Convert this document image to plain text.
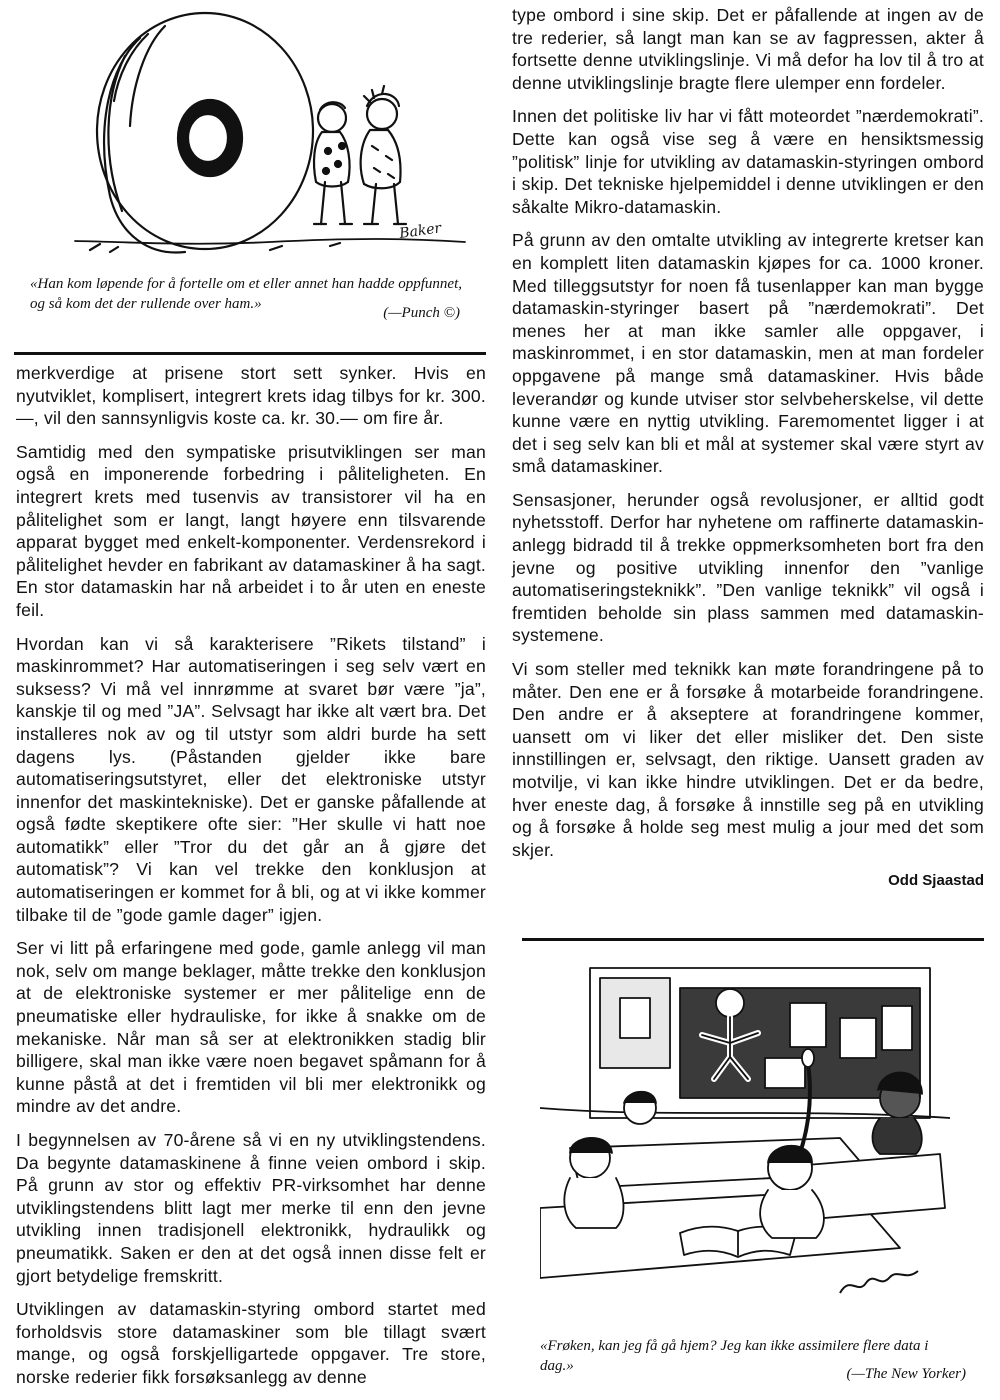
Baker
«Han kom løpende for å fortelle om et eller annet han hadde oppfunnet, og så kom det der rullende over ham.»
(—Punch ©)

merkverdige at prisene stort sett synker. Hvis en nyutviklet, komplisert, integrert krets idag tilbys for kr. 300.—, vil den sannsynligvis koste ca. kr. 30.— om fire år.

Samtidig med den sympatiske prisutviklingen ser man også en imponerende forbedring i påliteligheten. En integrert krets med tusenvis av transistorer vil ha en pålitelighet som er langt, langt høyere enn tilsvarende apparat bygget med enkelt-komponenter. Verdensrekord i pålitelighet hevder en fabrikant av datamaskiner å ha sagt. En stor datamaskin har nå arbeidet i to år uten en eneste feil.

Hvordan kan vi så karakterisere ”Rikets tilstand” i maskinrommet? Har automatiseringen i seg selv vært en suksess? Vi må vel innrømme at svaret bør være ”ja”, kanskje til og med ”JA”. Selvsagt har ikke alt vært bra. Det installeres nok av og til utstyr som aldri burde ha sett dagens lys. (Påstanden gjelder ikke bare automatiseringsutstyret, eller det elektroniske utstyr innenfor det maskintekniske). Det er ganske påfallende at også fødte skeptikere ofte sier: ”Her skulle vi hatt noe automatikk” eller ”Tror du det går an å gjøre det automatisk”? Vi kan vel trekke den konklusjon at automatiseringen er kommet for å bli, og at vi ikke kommer tilbake til de ”gode gamle dager” igjen.

Ser vi litt på erfaringene med gode, gamle anlegg vil man nok, selv om mange beklager, måtte trekke den konklusjon at de elektroniske systemer er mer pålitelige enn de pneumatiske eller hydrauliske, for ikke å snakke om de mekaniske. Når man så ser at elektronikken stadig blir billigere, skal man ikke være noen begavet spåmann for å kunne påstå at det i fremtiden vil bli mer elektronikk og mindre av det andre.

I begynnelsen av 70-årene så vi en ny utviklingstendens. Da begynte datamaskinene å finne veien ombord i skip. På grunn av stor og effektiv PR-virksomhet har denne utviklingstendens blitt lagt mer merke til enn den jevne utvikling innen tradisjonell elektronikk, hydraulikk og pneumatikk. Saken er den at det også innen disse felt er gjort betydelige fremskritt.

Utviklingen av datamaskin-styring ombord startet med forholdsvis store datamaskiner som ble tillagt svært mange, og også forskjelligartede oppgaver. Tre store, norske rederier fikk forsøksanlegg av denne

type ombord i sine skip. Det er påfallende at ingen av de tre rederier, så langt man kan se av fagpressen, akter å fortsette denne utviklingslinje. Vi må defor ha lov til å tro at denne utviklingslinje bragte flere ulemper enn fordeler.

Innen det politiske liv har vi fått moteordet ”nærdemokrati”. Dette kan også vise seg å være en hensiktsmessig ”politisk” linje for utvikling av datamaskin-styringen ombord i skip. Det tekniske hjelpemiddel i denne utviklingen er den såkalte Mikro-datamaskin.

På grunn av den omtalte utvikling av integrerte kretser kan en komplett liten datamaskin kjøpes for ca. 1000 kroner. Med tilleggsutstyr for noen få tusenlapper kan man bygge datamaskin-styringer basert på ”nærdemokrati”. Det menes her at man ikke samler alle oppgaver, i maskinrommet, i en stor datamaskin, men at man fordeler oppgavene på mange små datamaskiner. Hvis både leverandør og kunde utviser stor selvbeherskelse, vil dette kunne være en nyttig utvikling. Faremomentet ligger i at det i seg selv kan bli et mål at systemer skal være styrt av små datamaskiner.

Sensasjoner, herunder også revolusjoner, er alltid godt nyhetsstoff. Derfor har nyhetene om raffinerte datamaskin-anlegg bidradd til å trekke oppmerksomheten bort fra den jevne og positive utvikling innenfor den ”vanlige automatiseringsteknikk”. ”Den vanlige teknikk” vil også i fremtiden beholde sin plass sammen med datamaskin-systemene.

Vi som steller med teknikk kan møte forandringene på to måter. Den ene er å forsøke å motarbeide forandringene. Den andre er å akseptere at forandringene kommer, uansett om vi liker det eller misliker det. Den siste innstillingen er, selvsagt, den riktige. Uansett graden av motvilje, vi kan ikke hindre utviklingen. Det er da bedre, hver eneste dag, å forsøke å innstille seg på en utvikling og å forsøke å holde seg mest mulig a jour med det som skjer.

Odd Sjaastad
«Frøken, kan jeg få gå hjem? Jeg kan ikke assimilere flere data i dag.»	(—The New Yorker)
